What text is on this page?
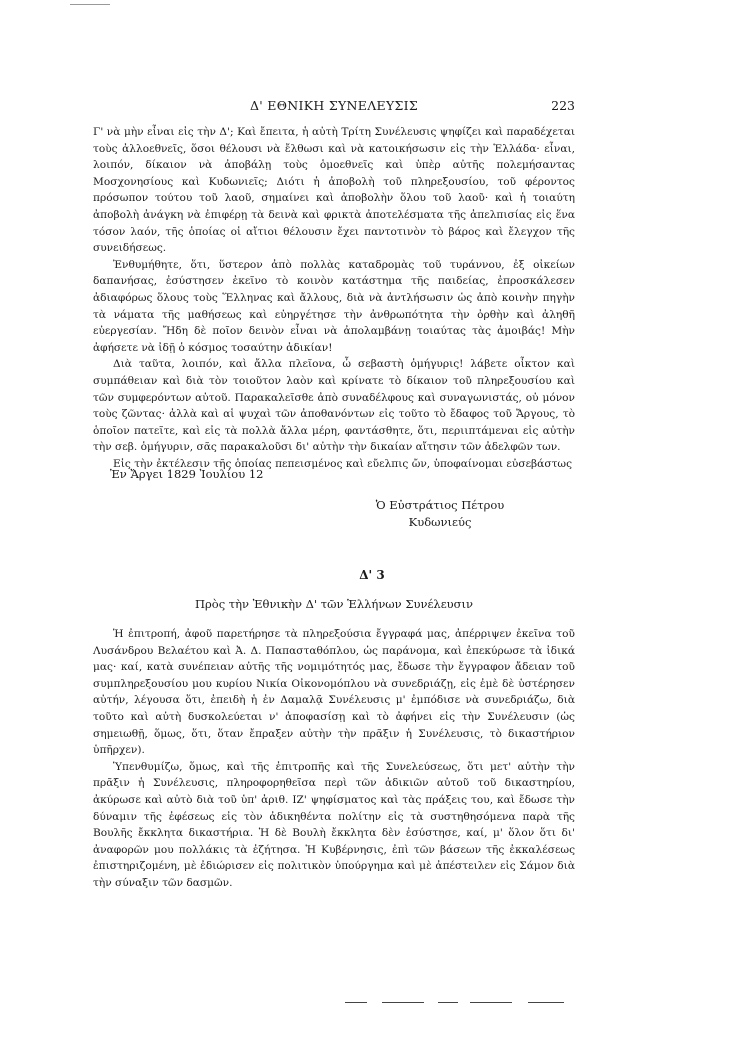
Δ' ΕΘΝΙΚΗ ΣΥΝΕΛΕΥΣΙΣ	223

Γ' νὰ μὴν εἶναι εἰς τὴν Δ'; Καὶ ἔπειτα, ἡ αὐτὴ Τρίτη Συνέλευσις ψηφίζει καὶ παραδέχεται τοὺς ἀλλοεθνεῖς, ὅσοι θέλουσι νὰ ἔλθωσι καὶ νὰ κατοικήσωσιν εἰς τὴν Ἑλλάδα· εἶναι, λοιπόν, δίκαιον νὰ ἀποβάλῃ τοὺς ὁμοεθνεῖς καὶ ὑπὲρ αὐτῆς πολεμήσαντας Μοσχονησίους καὶ Κυδωνιεῖς; Διότι ἡ ἀποβολὴ τοῦ πληρεξουσίου, τοῦ φέροντος πρόσωπον τούτου τοῦ λαοῦ, σημαίνει καὶ ἀποβολὴν ὅλου τοῦ λαοῦ· καὶ ἡ τοιαύτη ἀποβολὴ ἀνάγκη νὰ ἐπιφέρῃ τὰ δεινὰ καὶ φρικτὰ ἀποτελέσματα τῆς ἀπελπισίας εἰς ἕνα τόσον λαόν, τῆς ὁποίας οἱ αἴτιοι θέλουσιν ἔχει παντοτινὸν τὸ βάρος καὶ ἔλεγχον τῆς συνειδήσεως.

Ἐνθυμήθητε, ὅτι, ὕστερον ἀπὸ πολλὰς καταδρομὰς τοῦ τυράννου, ἐξ οἰκείων δαπανήσας, ἐσύστησεν ἐκεῖνο τὸ κοινὸν κατάστημα τῆς παιδείας, ἐπροσκάλεσεν ἀδιαφόρως ὅλους τοὺς Ἕλληνας καὶ ἄλλους, διὰ νὰ ἀντλήσωσιν ὡς ἀπὸ κοινὴν πηγὴν τὰ νάματα τῆς μαθήσεως καὶ εὐηργέτησε τὴν ἀνθρωπότητα τὴν ὀρθὴν καὶ ἀληθῆ εὐεργεσίαν. Ἤδη δὲ ποῖον δεινὸν εἶναι νὰ ἀπολαμβάνῃ τοιαύτας τὰς ἀμοιβάς! Μὴν ἀφήσετε νὰ ἰδῇ ὁ κόσμος τοσαύτην ἀδικίαν!

Διὰ ταῦτα, λοιπόν, καὶ ἄλλα πλεῖονα, ὦ σεβαστὴ ὁμήγυρις! λάβετε οἶκτον καὶ συμπάθειαν καὶ διὰ τὸν τοιοῦτον λαὸν καὶ κρίνατε τὸ δίκαιον τοῦ πληρεξουσίου καὶ τῶν συμφερόντων αὐτοῦ. Παρακαλεῖσθε ἀπὸ συναδέλφους καὶ συναγωνιστάς, οὐ μόνον τοὺς ζῶντας· ἀλλὰ καὶ αἱ ψυχαὶ τῶν ἀποθανόντων εἰς τοῦτο τὸ ἔδαφος τοῦ Ἄργους, τὸ ὁποῖον πατεῖτε, καὶ εἰς τὰ πολλὰ ἄλλα μέρη, φαντάσθητε, ὅτι, περιιπτάμεναι εἰς αὐτὴν τὴν σεβ. ὁμήγυριν, σᾶς παρακαλοῦσι δι' αὐτὴν τὴν δικαίαν αἴτησιν τῶν ἀδελφῶν των.

Εἰς τὴν ἐκτέλεσιν τῆς ὁποίας πεπεισμένος καὶ εὔελπις ὤν, ὑποφαίνομαι εὐσεβάστως

Ἐν Ἄργει 1829 Ἰουλίου 12
Ὁ Εὐστράτιος Πέτρου
Κυδωνιεύς
Δ' 3
Πρὸς τὴν Ἐθνικὴν Δ' τῶν Ἑλλήνων Συνέλευσιν

Ἡ ἐπιτροπή, ἀφοῦ παρετήρησε τὰ πληρεξούσια ἔγγραφά μας, ἀπέρριψεν ἐκεῖνα τοῦ Λυσάνδρου Βελαέτου καὶ Ἀ. Δ. Παπασταθόπλου, ὡς παράνομα, καὶ ἐπεκύρωσε τὰ ἰδικά μας· καί, κατὰ συνέπειαν αὐτῆς τῆς νομιμότητός μας, ἔδωσε τὴν ἔγγραφον ἄδειαν τοῦ συμπληρεξουσίου μου κυρίου Νικία Οἰκονομόπλου νὰ συνεδριάζῃ, εἰς ἐμὲ δὲ ὑστέρησεν αὐτήν, λέγουσα ὅτι, ἐπειδὴ ἡ ἐν Δαμαλᾷ Συνέλευσις μ' ἐμπόδισε νὰ συνεδριάζω, διὰ τοῦτο καὶ αὐτὴ δυσκολεύεται ν' ἀποφασίσῃ καὶ τὸ ἀφήνει εἰς τὴν Συνέλευσιν (ὡς σημειωθῇ, ὅμως, ὅτι, ὅταν ἔπραξεν αὐτὴν τὴν πρᾶξιν ἡ Συνέλευσις, τὸ δικαστήριον ὑπῆρχεν).

Ὑπενθυμίζω, ὅμως, καὶ τῆς ἐπιτροπῆς καὶ τῆς Συνελεύσεως, ὅτι μετ' αὐτὴν τὴν πρᾶξιν ἡ Συνέλευσις, πληροφορηθεῖσα περὶ τῶν ἀδικιῶν αὐτοῦ τοῦ δικαστηρίου, ἀκύρωσε καὶ αὐτὸ διὰ τοῦ ὑπ' ἀριθ. ΙΖ' ψηφίσματος καὶ τὰς πράξεις του, καὶ ἔδωσε τὴν δύναμιν τῆς ἐφέσεως εἰς τὸν ἀδικηθέντα πολίτην εἰς τὰ συστηθησόμενα παρὰ τῆς Βουλῆς ἔκκλητα δικαστήρια. Ἡ δὲ Βουλὴ ἔκκλητα δὲν ἐσύστησε, καί, μ' ὅλον ὅτι δι' ἀναφορῶν μου πολλάκις τὰ ἐζήτησα. Ἡ Κυβέρνησις, ἐπὶ τῶν βάσεων τῆς ἐκκαλέσεως ἐπιστηριζομένη, μὲ ἐδιώρισεν εἰς πολιτικὸν ὑπούργημα καὶ μὲ ἀπέστειλεν εἰς Σάμον διὰ τὴν σύναξιν τῶν δασμῶν.
